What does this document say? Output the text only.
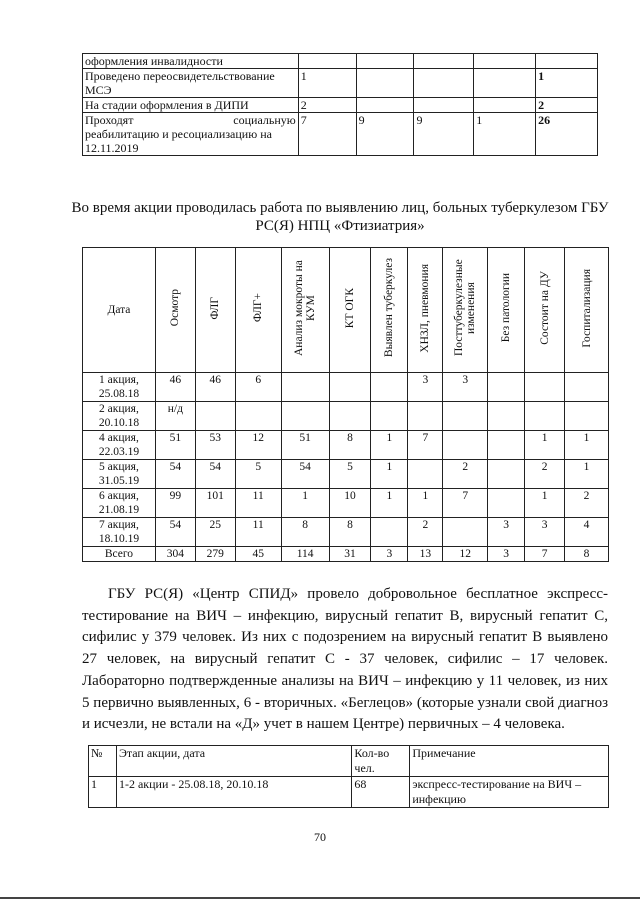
оформления инвалидности					
Проведено переосвидетельствование МСЭ	1				1
На стадии оформления в ДИПИ	2				2

Проходят социальную
реабилитацию и ресоциализацию на 12.11.2019	7	9	9	1	26
Во время акции проводилась работа по выявлению лиц, больных туберкулезом ГБУ РС(Я) НПЦ «Фтизиатрия»
Дата	Осмотр	ФЛГ	ФЛГ+	Анализ мокроты на КУМ	КТ ОГК	Выявлен туберкулез	ХНЗЛ, пневмония	Посттуберкулезные изменения	Без патологии	Состоит на ДУ	Госпитализация
1 акция, 25.08.18	46	46	6				3	3			
2 акция, 20.10.18	н/д										
4 акция, 22.03.19	51	53	12	51	8	1	7			1	1
5 акция, 31.05.19	54	54	5	54	5	1		2		2	1
6 акция, 21.08.19	99	101	11	1	10	1	1	7		1	2
7 акция, 18.10.19	54	25	11	8	8		2		3	3	4
Всего	304	279	45	114	31	3	13	12	3	7	8

ГБУ РС(Я) «Центр СПИД» провело добровольное бесплатное экспресс-тестирование на ВИЧ – инфекцию, вирусный гепатит В, вирусный гепатит С, сифилис у 379 человек. Из них с подозрением на вирусный гепатит В выявлено 27 человек, на вирусный гепатит С - 37 человек, сифилис – 17 человек. Лабораторно подтвержденные анализы на ВИЧ – инфекцию у 11 человек, из них 5 первично выявленных, 6 - вторичных. «Беглецов» (которые узнали свой диагноз и исчезли, не встали на «Д» учет в нашем Центре) первичных – 4 человека.

№	Этап акции, дата	Кол-во чел.	Примечание
1	1-2 акции - 25.08.18, 20.10.18	68	экспресс-тестирование на ВИЧ – инфекцию
70
